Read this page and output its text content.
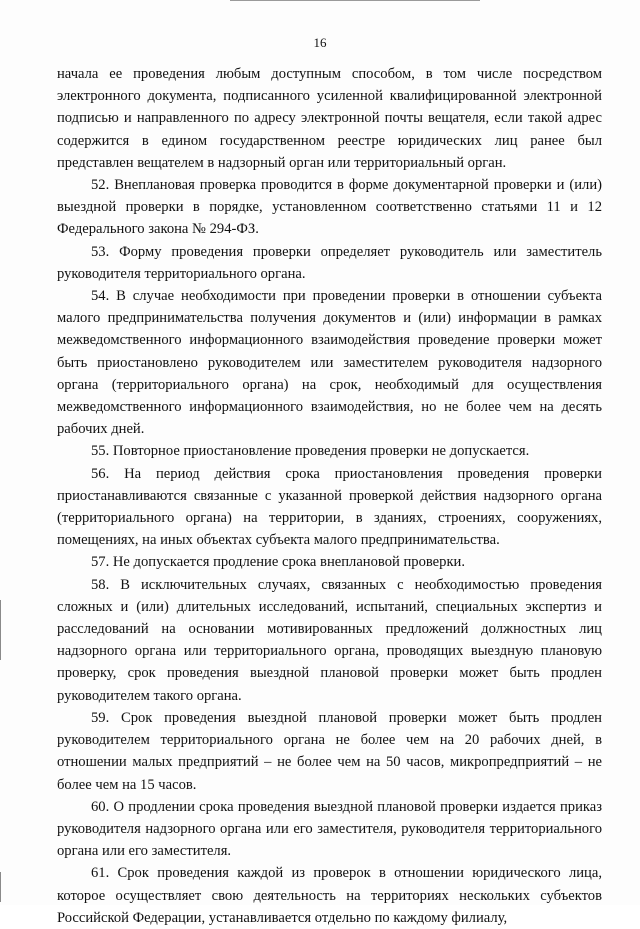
16

начала ее проведения любым доступным способом, в том числе посредством электронного документа, подписанного усиленной квалифицированной электронной подписью и направленного по адресу электронной почты вещателя, если такой адрес содержится в едином государственном реестре юридических лиц ранее был представлен вещателем в надзорный орган или территориальный орган.

52. Внеплановая проверка проводится в форме документарной проверки и (или) выездной проверки в порядке, установленном соответственно статьями 11 и 12 Федерального закона № 294-ФЗ.

53. Форму проведения проверки определяет руководитель или заместитель руководителя территориального органа.

54. В случае необходимости при проведении проверки в отношении субъекта малого предпринимательства получения документов и (или) информации в рамках межведомственного информационного взаимодействия проведение проверки может быть приостановлено руководителем или заместителем руководителя надзорного органа (территориального органа) на срок, необходимый для осуществления межведомственного информационного взаимодействия, но не более чем на десять рабочих дней.

55. Повторное приостановление проведения проверки не допускается.

56. На период действия срока приостановления проведения проверки приостанавливаются связанные с указанной проверкой действия надзорного органа (территориального органа) на территории, в зданиях, строениях, сооружениях, помещениях, на иных объектах субъекта малого предпринимательства.

57. Не допускается продление срока внеплановой проверки.

58. В исключительных случаях, связанных с необходимостью проведения сложных и (или) длительных исследований, испытаний, специальных экспертиз и расследований на основании мотивированных предложений должностных лиц надзорного органа или территориального органа, проводящих выездную плановую проверку, срок проведения выездной плановой проверки может быть продлен руководителем такого органа.

59. Срок проведения выездной плановой проверки может быть продлен руководителем территориального органа не более чем на 20 рабочих дней, в отношении малых предприятий – не более чем на 50 часов, микропредприятий – не более чем на 15 часов.

60. О продлении срока проведения выездной плановой проверки издается приказ руководителя надзорного органа или его заместителя, руководителя территориального органа или его заместителя.

61. Срок проведения каждой из проверок в отношении юридического лица, которое осуществляет свою деятельность на территориях нескольких субъектов Российской Федерации, устанавливается отдельно по каждому филиалу,
